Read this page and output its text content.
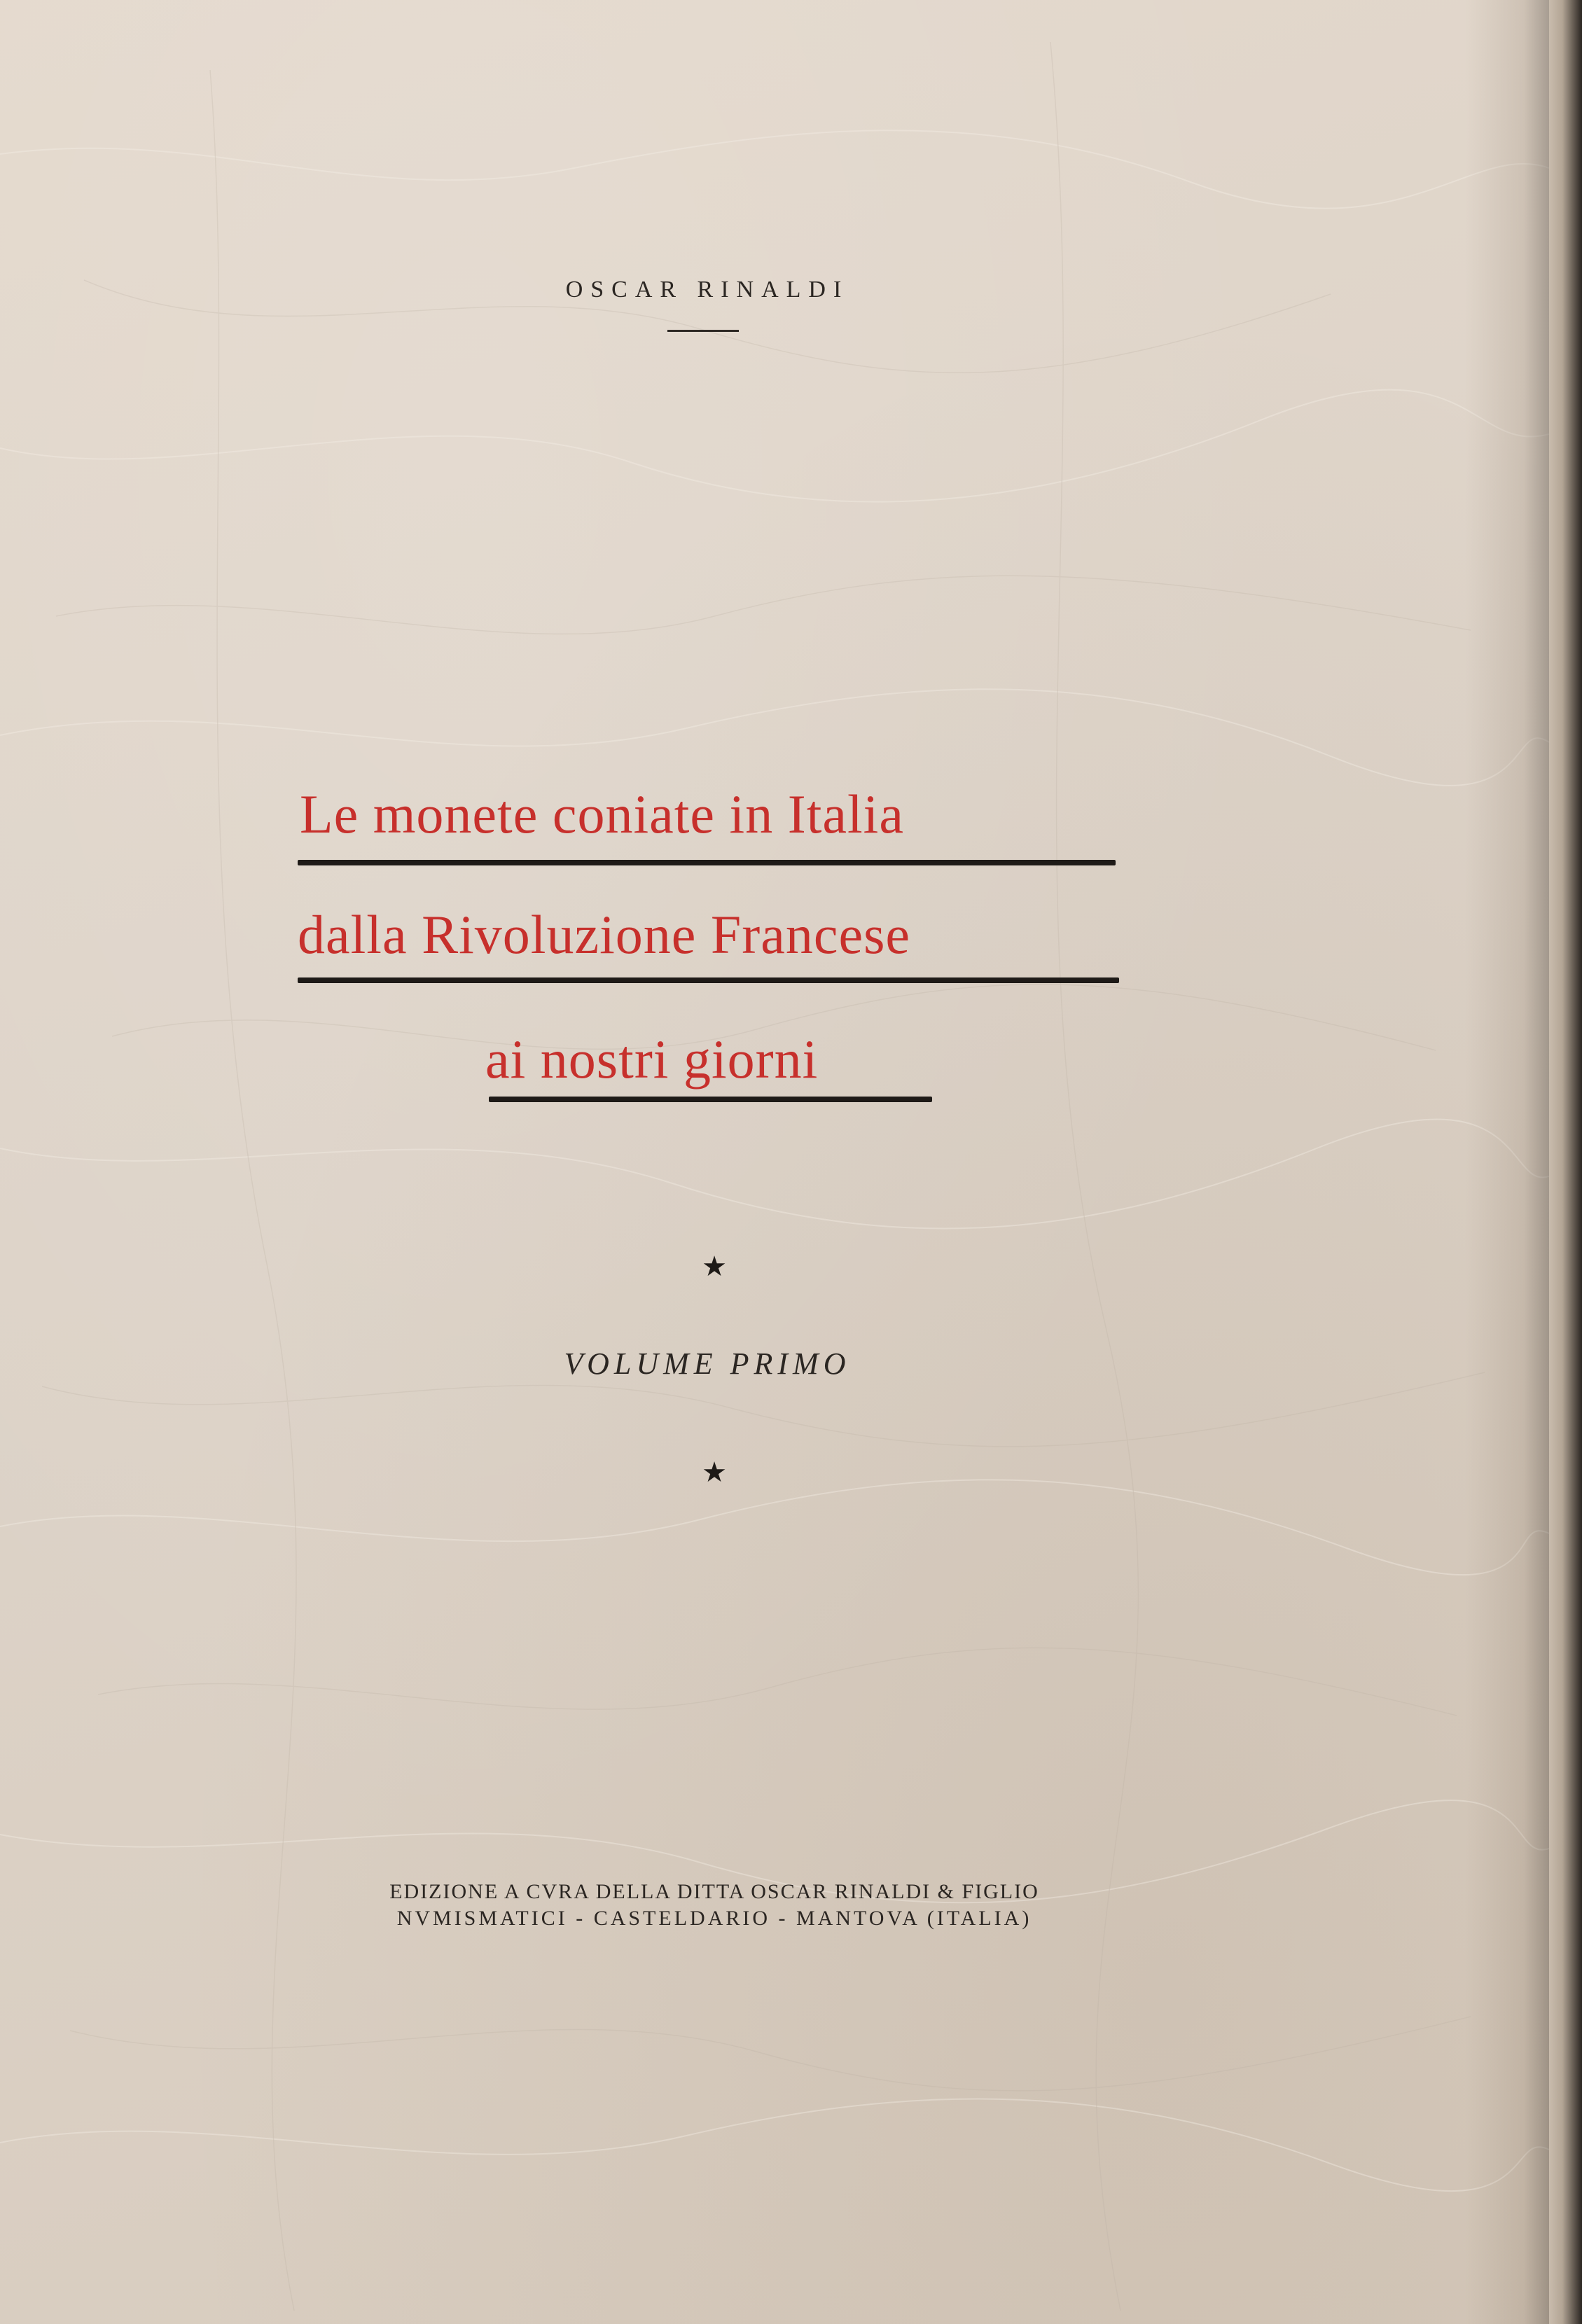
OSCAR RINALDI
Le monete coniate in Italia
dalla Rivoluzione Francese
ai nostri giorni
★
VOLUME PRIMO
★
EDIZIONE A CVRA DELLA DITTA OSCAR RINALDI & FIGLIO
NVMISMATICI - CASTELDARIO - MANTOVA (ITALIA)
